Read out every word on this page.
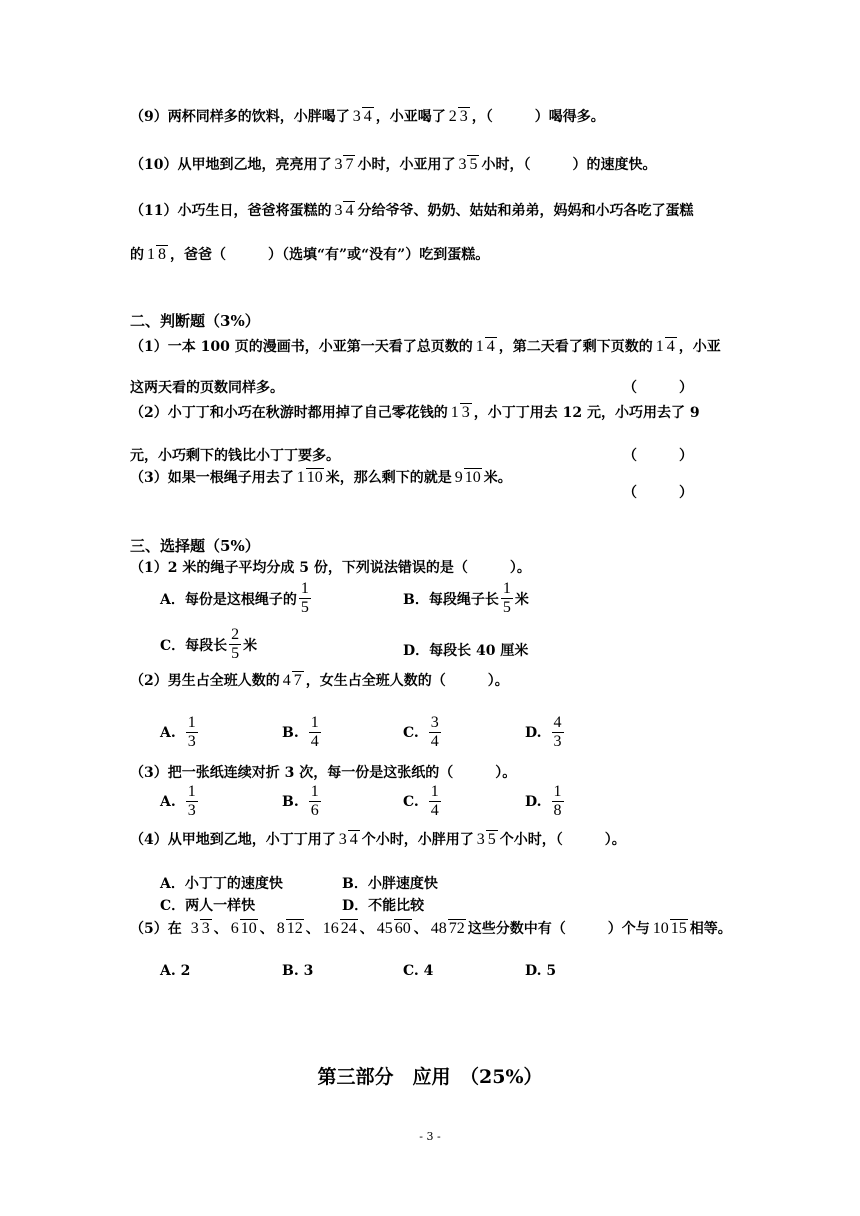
（9）两杯同样多的饮料，小胖喝了 3 4 ，小亚喝了 2 3 ，（　　　）喝得多。
（10）从甲地到乙地，亮亮用了 3 7 小时，小亚用了 3 5 小时，（　　　）的速度快。
（11）小巧生日，爸爸将蛋糕的 3 4 分给爷爷、奶奶、姑姑和弟弟，妈妈和小巧各吃了蛋糕
的 1 8 ，爸爸（　　　）（选填“有”或“没有”）吃到蛋糕。
二、判断题（3%）
（1）一本 100 页的漫画书，小亚第一天看了总页数的 1 4 ，第二天看了剩下页数的 1 4 ，小亚
这两天看的页数同样多。	（　　　）
（2）小丁丁和小巧在秋游时都用掉了自己零花钱的 1 3 ，小丁丁用去 12 元，小巧用去了 9
元，小巧剩下的钱比小丁丁要多。	（　　　）
（3）如果一根绳子用去了 1 10 米，那么剩下的就是 9 10 米。
（　　　）
三、选择题（5%）
（1）2 米的绳子平均分成 5 份，下列说法错误的是（　　　）。
A．每份是这根绳子的 $\frac{1}{5}$	B．每段绳子长 $\frac{1}{5}$ 米
C．每段长 $\frac{2}{5}$ 米	D．每段长 40 厘米
（2）男生占全班人数的 4 7 ，女生占全班人数的（　　　）。
A. $\frac{1}{3}$	B. $\frac{1}{4}$	C. $\frac{3}{4}$	D. $\frac{4}{3}$
（3）把一张纸连续对折 3 次，每一份是这张纸的（　　　）。
A. $\frac{1}{3}$	B. $\frac{1}{6}$	C. $\frac{1}{4}$	D. $\frac{1}{8}$
（4）从甲地到乙地，小丁丁用了 3 4 个小时，小胖用了 3 5 个小时，（　　　）。
A．小丁丁的速度快	B．小胖速度快
C．两人一样快	D．不能比较
（5）在 3 3 、 6 10 、 8 12 、 16 24 、 45 60 、 48 72 这些分数中有（　　　）个与 10 15 相等。
A. 2	B. 3	C. 4	D. 5
第三部分　应用　（25%）
- 3 -
